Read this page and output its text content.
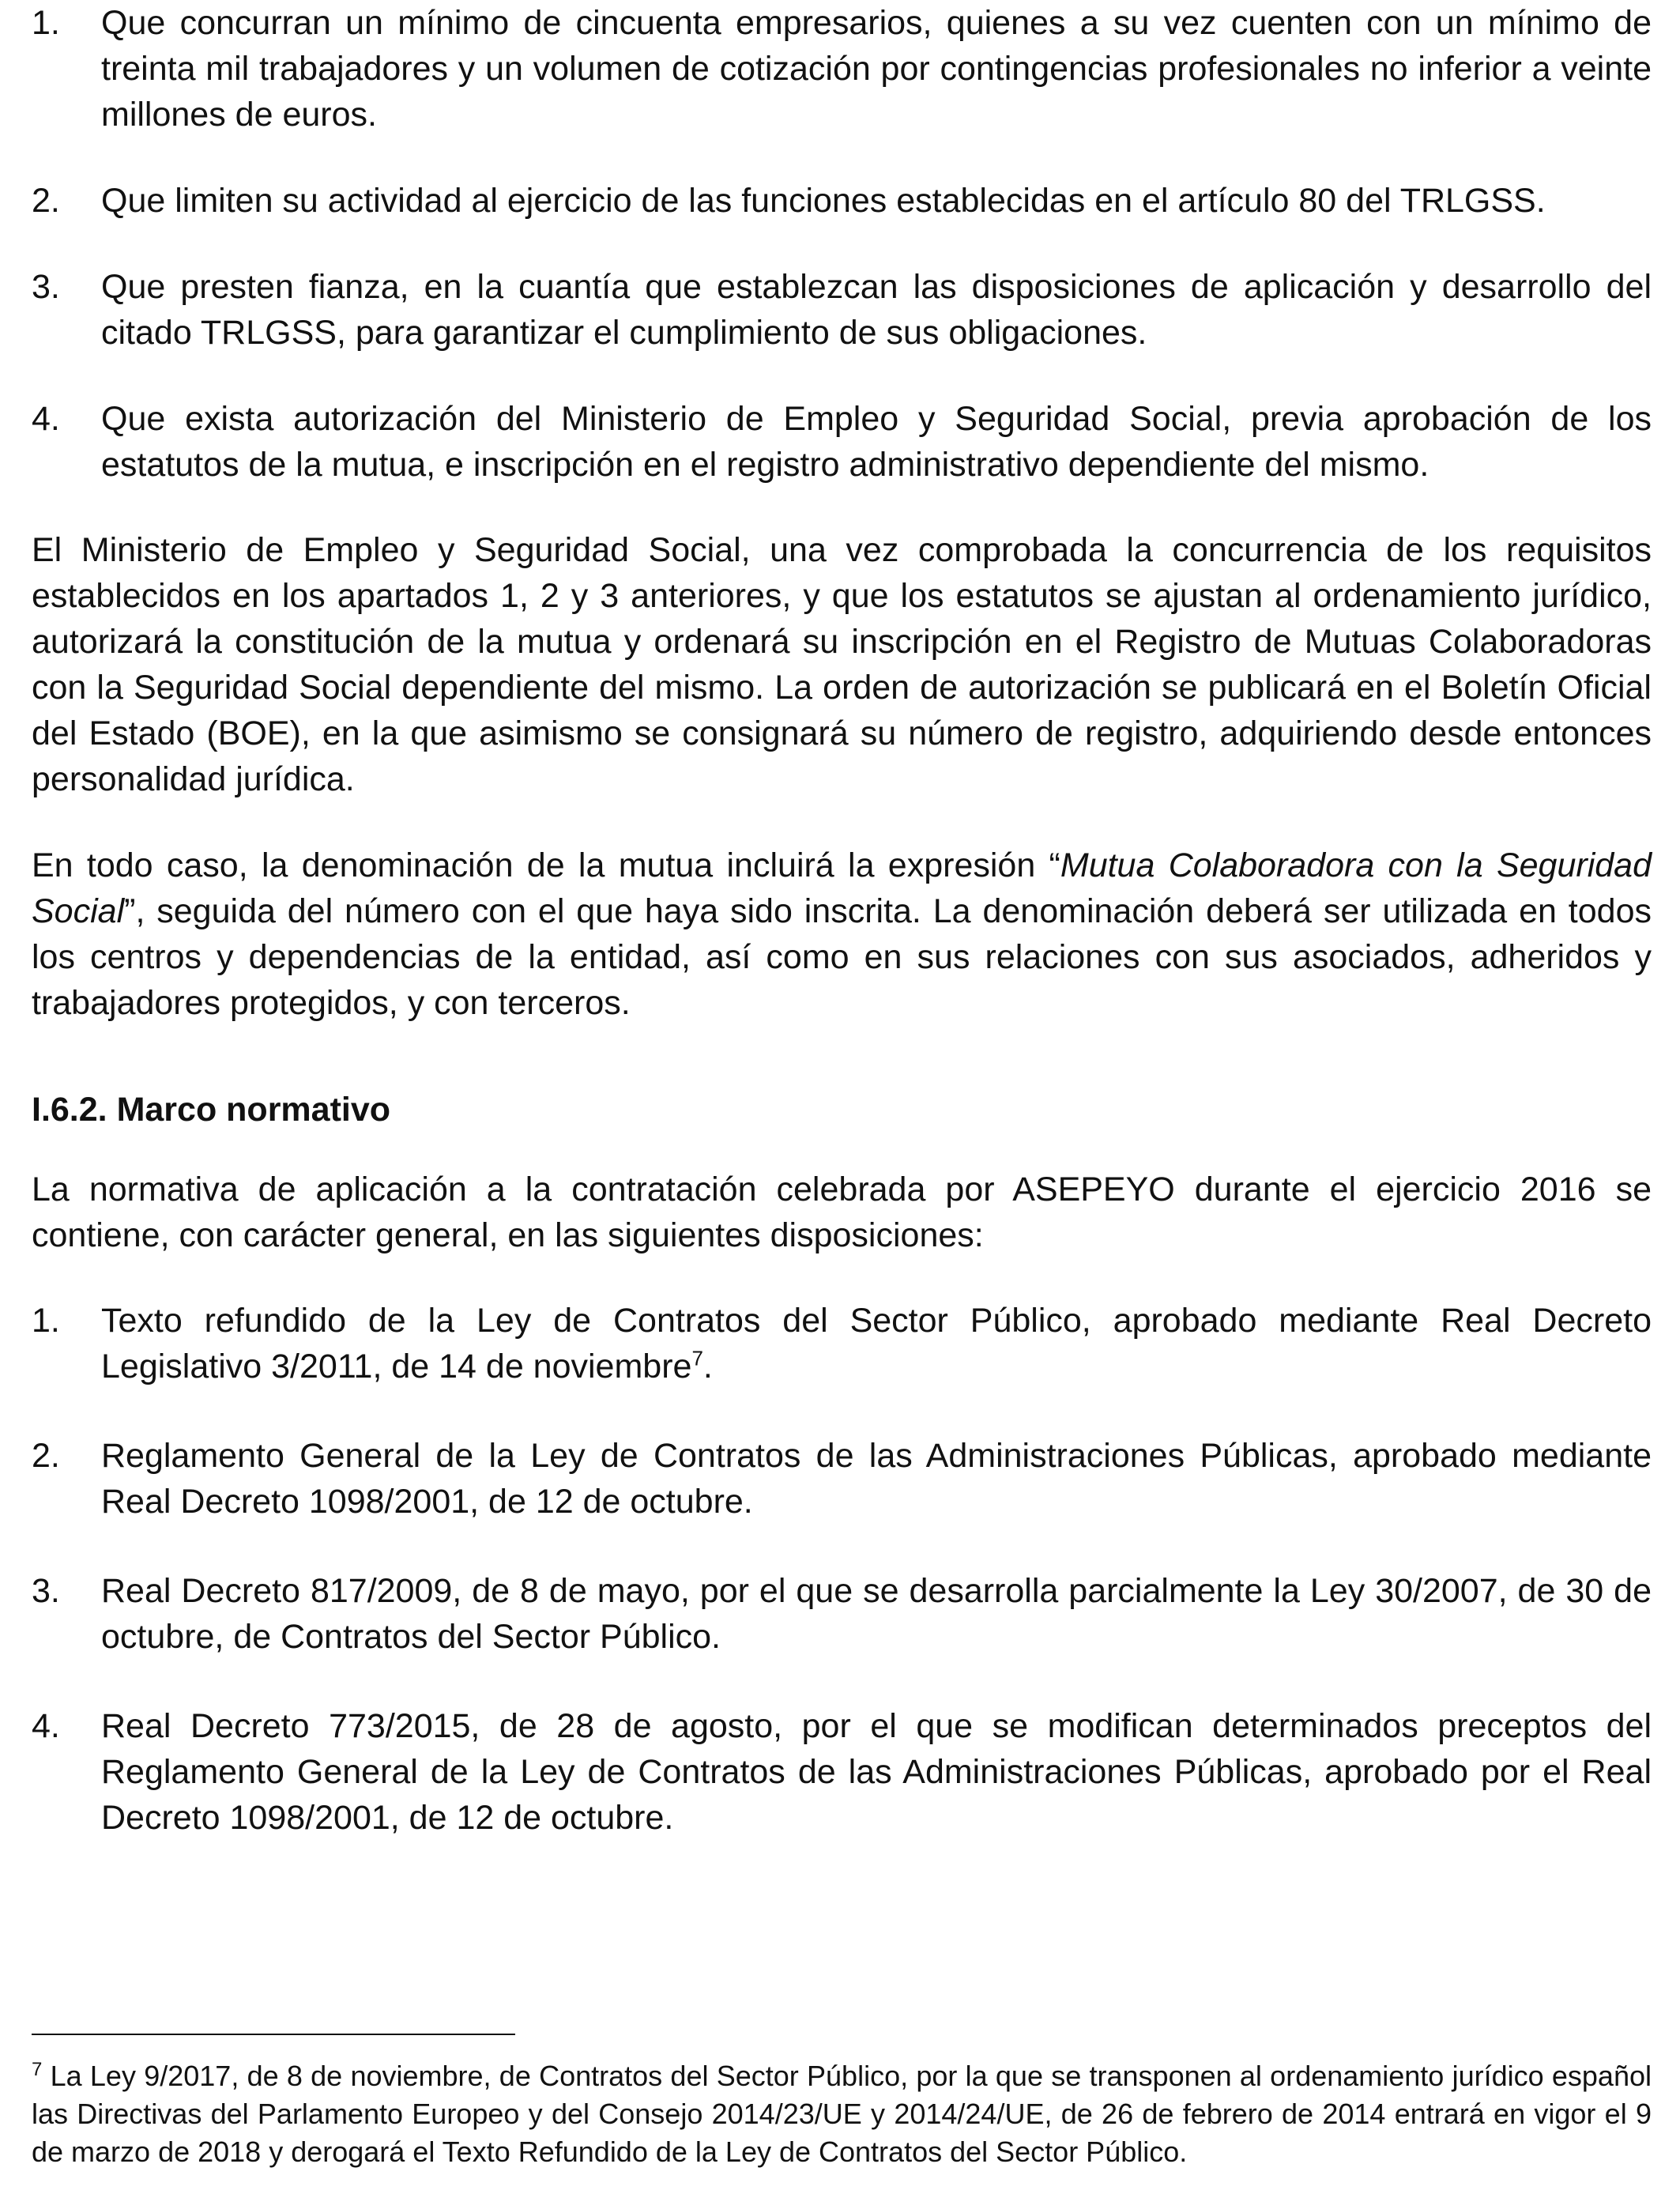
1. Que concurran un mínimo de cincuenta empresarios, quienes a su vez cuenten con un mínimo de treinta mil trabajadores y un volumen de cotización por contingencias profesionales no inferior a veinte millones de euros.
2. Que limiten su actividad al ejercicio de las funciones establecidas en el artículo 80 del TRLGSS.
3. Que presten fianza, en la cuantía que establezcan las disposiciones de aplicación y desarrollo del citado TRLGSS, para garantizar el cumplimiento de sus obligaciones.
4. Que exista autorización del Ministerio de Empleo y Seguridad Social, previa aprobación de los estatutos de la mutua, e inscripción en el registro administrativo dependiente del mismo.

El Ministerio de Empleo y Seguridad Social, una vez comprobada la concurrencia de los requisitos establecidos en los apartados 1, 2 y 3 anteriores, y que los estatutos se ajustan al ordenamiento jurídico, autorizará la constitución de la mutua y ordenará su inscripción en el Registro de Mutuas Colaboradoras con la Seguridad Social dependiente del mismo. La orden de autorización se publicará en el Boletín Oficial del Estado (BOE), en la que asimismo se consignará su número de registro, adquiriendo desde entonces personalidad jurídica.

En todo caso, la denominación de la mutua incluirá la expresión “Mutua Colaboradora con la Seguridad Social”, seguida del número con el que haya sido inscrita. La denominación deberá ser utilizada en todos los centros y dependencias de la entidad, así como en sus relaciones con sus asociados, adheridos y trabajadores protegidos, y con terceros.

I.6.2. Marco normativo

La normativa de aplicación a la contratación celebrada por ASEPEYO durante el ejercicio 2016 se contiene, con carácter general, en las siguientes disposiciones:

1. Texto refundido de la Ley de Contratos del Sector Público, aprobado mediante Real Decreto Legislativo 3/2011, de 14 de noviembre$^7$.
2. Reglamento General de la Ley de Contratos de las Administraciones Públicas, aprobado mediante Real Decreto 1098/2001, de 12 de octubre.
3. Real Decreto 817/2009, de 8 de mayo, por el que se desarrolla parcialmente la Ley 30/2007, de 30 de octubre, de Contratos del Sector Público.
4. Real Decreto 773/2015, de 28 de agosto, por el que se modifican determinados preceptos del Reglamento General de la Ley de Contratos de las Administraciones Públicas, aprobado por el Real Decreto 1098/2001, de 12 de octubre.

$^7$ La Ley 9/2017, de 8 de noviembre, de Contratos del Sector Público, por la que se transponen al ordenamiento jurídico español las Directivas del Parlamento Europeo y del Consejo 2014/23/UE y 2014/24/UE, de 26 de febrero de 2014 entrará en vigor el 9 de marzo de 2018 y derogará el Texto Refundido de la Ley de Contratos del Sector Público.
